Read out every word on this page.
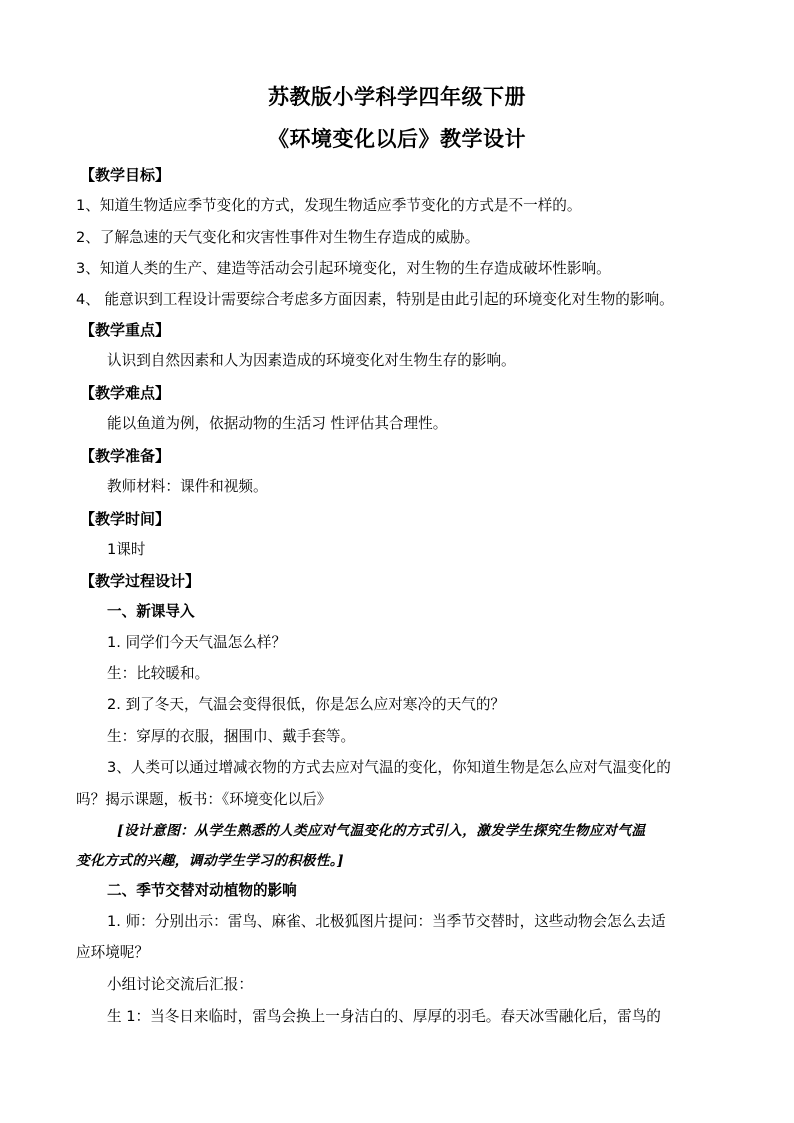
苏教版小学科学四年级下册
《环境变化以后》教学设计
【教学目标】
1、知道生物适应季节变化的方式，发现生物适应季节变化的方式是不一样的。
2、了解急速的天气变化和灾害性事件对生物生存造成的威胁。
3、知道人类的生产、建造等活动会引起环境变化，对生物的生存造成破坏性影响。
4、 能意识到工程设计需要综合考虑多方面因素，特别是由此引起的环境变化对生物的影响。
【教学重点】
认识到自然因素和人为因素造成的环境变化对生物生存的影响。
【教学难点】
能以鱼道为例，依据动物的生活习 性评估其合理性。
【教学准备】
教师材料：课件和视频。
【教学时间】
1课时
【教学过程设计】
一、新课导入
1. 同学们今天气温怎么样？
生：比较暖和。
2. 到了冬天，气温会变得很低，你是怎么应对寒冷的天气的？
生：穿厚的衣服，捆围巾、戴手套等。
3、人类可以通过增减衣物的方式去应对气温的变化，你知道生物是怎么应对气温变化的
吗？揭示课题，板书：《环境变化以后》
[设计意图：从学生熟悉的人类应对气温变化的方式引入，激发学生探究生物应对气温
变化方式的兴趣，调动学生学习的积极性。]
二、季节交替对动植物的影响
1. 师：分别出示：雷鸟、麻雀、北极狐图片提问：当季节交替时，这些动物会怎么去适
应环境呢？
小组讨论交流后汇报：
生 1：当冬日来临时，雷鸟会换上一身洁白的、厚厚的羽毛。春天冰雪融化后，雷鸟的
